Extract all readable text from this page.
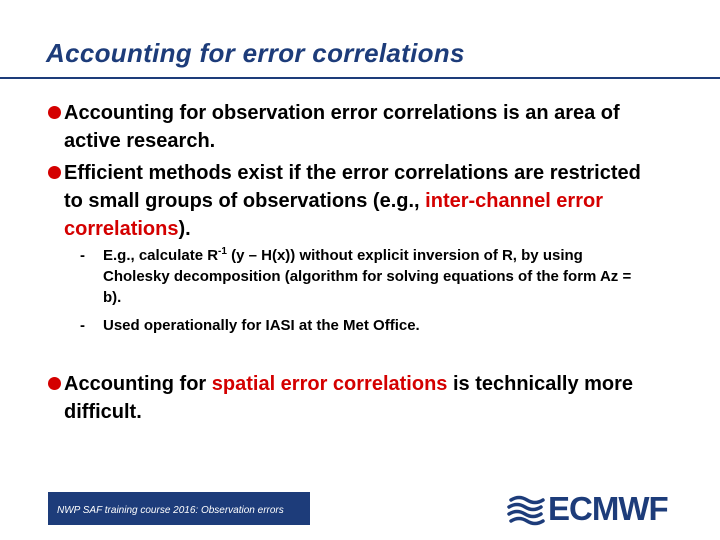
Accounting for error correlations
Accounting for observation error correlations is an area of active research.
Efficient methods exist if the error correlations are restricted to small groups of observations (e.g., inter-channel error correlations).
- E.g., calculate $R^{-1}$ (y – H(x)) without explicit inversion of R, by using Cholesky decomposition (algorithm for solving equations of the form Az = b).
- Used operationally for IASI at the Met Office.
Accounting for spatial error correlations is technically more difficult.
NWP SAF training course 2016: Observation errors	ECMWF
